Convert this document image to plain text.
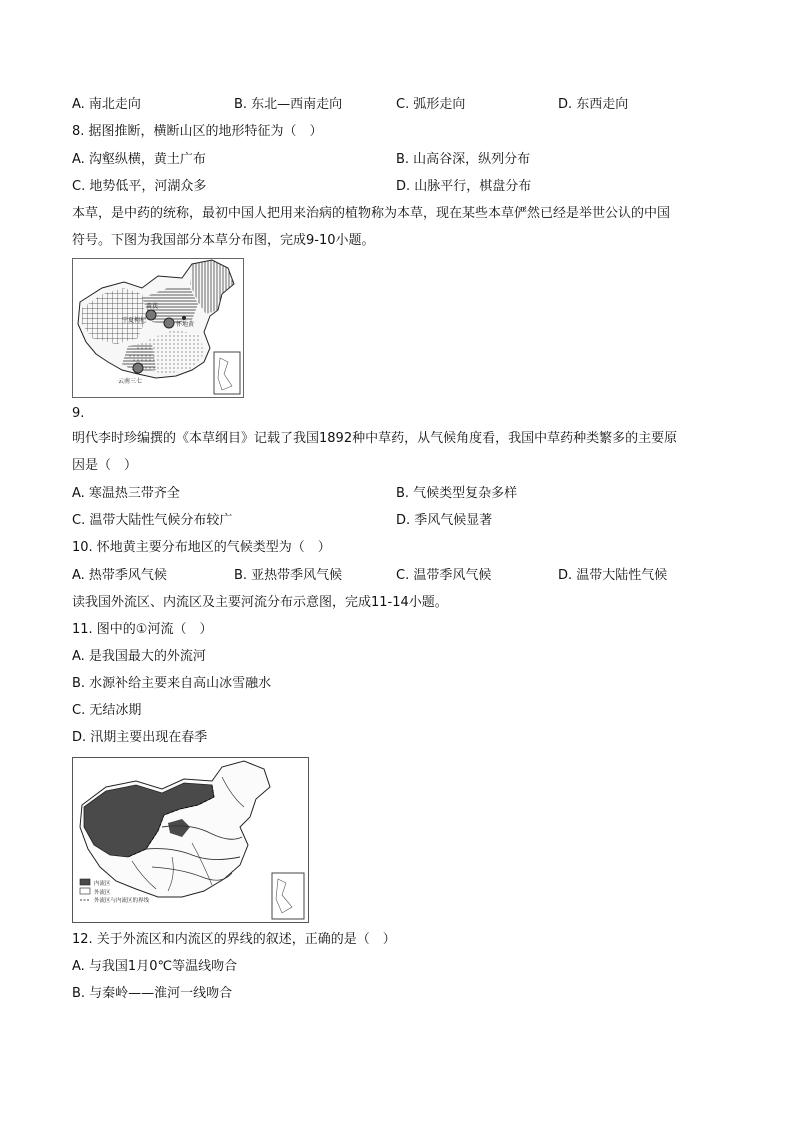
A. 南北走向	B. 东北—西南走向	C. 弧形走向	D. 东西走向
8. 据图推断，横断山区的地形特征为（　）
A. 沟壑纵横，黄土广布	B. 山高谷深，纵列分布
C. 地势低平，河湖众多	D. 山脉平行，棋盘分布
本草，是中药的统称，最初中国人把用来治病的植物称为本草，现在某些本草俨然已经是举世公认的中国
符号。下图为我国部分本草分布图，完成9-10小题。
黄芪
宁夏枸杞
怀地黄
云南三七
9.
明代李时珍编撰的《本草纲目》记载了我国1892种中草药，从气候角度看，我国中草药种类繁多的主要原
因是（　）
A. 寒温热三带齐全	B. 气候类型复杂多样
C. 温带大陆性气候分布较广	D. 季风气候显著
10. 怀地黄主要分布地区的气候类型为（　）
A. 热带季风气候	B. 亚热带季风气候	C. 温带季风气候	D. 温带大陆性气候
读我国外流区、内流区及主要河流分布示意图，完成11-14小题。
11. 图中的①河流（　）
A. 是我国最大的外流河
B. 水源补给主要来自高山冰雪融水
C. 无结冰期
D. 汛期主要出现在春季
内流区
外流区
外流区与内流区的界线
12. 关于外流区和内流区的界线的叙述，正确的是（　）
A. 与我国1月0℃等温线吻合
B. 与秦岭——淮河一线吻合
